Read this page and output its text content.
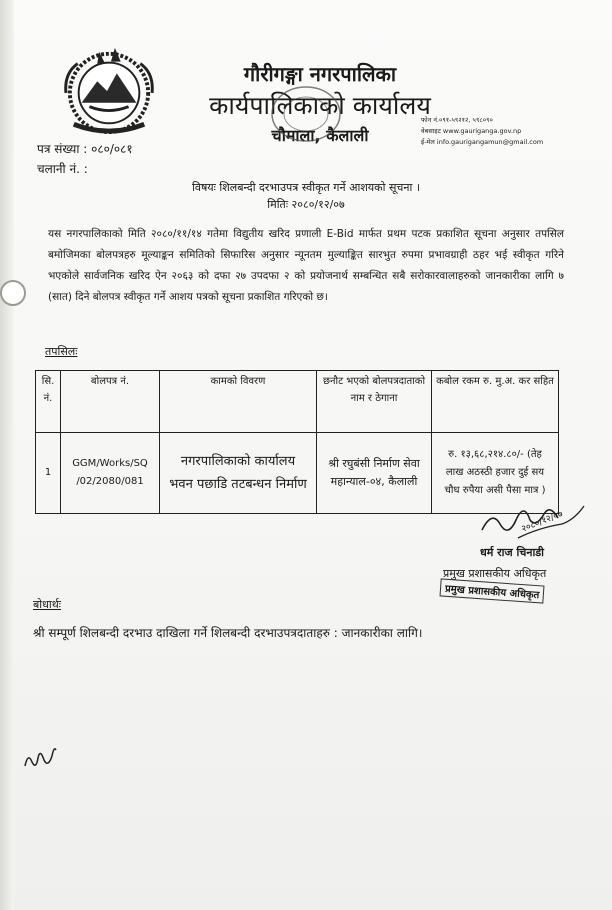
गौरीगङ्गा नगरपालिका
कार्यपालिकाको कार्यालय
चौमाला, कैलाली
फोन नं.०९१-५९२१२, ५९८०९०
वेबसाइट www.gauriganga.gov.np
ई-मेल info.gaurigangamun@gmail.com
पत्र संख्या : ०८०/०८१
चलानी नं. :
विषयः शिलबन्दी दरभाउपत्र स्वीकृत गर्ने आशयको सूचना ।
मितिः २०८०/१२/०७
यस नगरपालिकाको मिति २०८०/११/१४ गतेमा विद्युतीय खरिद प्रणाली E-Bid मार्फत प्रथम पटक प्रकाशित सूचना अनुसार तपसिल बमोजिमका बोलपत्रहरु मूल्याङ्कन समितिको सिफारिस अनुसार न्यूनतम मुल्याङ्कित सारभुत रुपमा प्रभावग्राही ठहर भई स्वीकृत गरिने भएकोले सार्वजनिक खरिद ऐन २०६३ को दफा २७ उपदफा २ को प्रयोजनार्थ सम्बन्धित सबै सरोकारवालाहरुको जानकारीका लागि ७ (सात) दिने बोलपत्र स्वीकृत गर्ने आशय पत्रको सूचना प्रकाशित गरिएको छ।
तपसिलः
सि. नं.	बोलपत्र नं.	कामको विवरण	छनौट भएको बोलपत्रदाताको नाम र ठेगाना	कबोल रकम रु. मु.अ. कर सहित
1	GGM/Works/SQ /02/2080/081	नगरपालिकाको कार्यालय भवन पछाडि तटबन्धन निर्माण	श्री रघुबंसी निर्माण सेवा महान्याल-०४, कैलाली	रु. १३,६८,२१४.८०/- (तेह लाख अठस्ठी हजार दुई सय चौध रुपैया असी पैसा मात्र )
२०८०/१२/०७
धर्म राज चिनाडी
प्रमुख प्रशासकीय अधिकृत
प्रमुख प्रशासकीय अधिकृत
बोधार्थः
श्री सम्पूर्ण शिलबन्दी दरभाउ दाखिला गर्ने शिलबन्दी दरभाउपत्रदाताहरु : जानकारीका लागि।
